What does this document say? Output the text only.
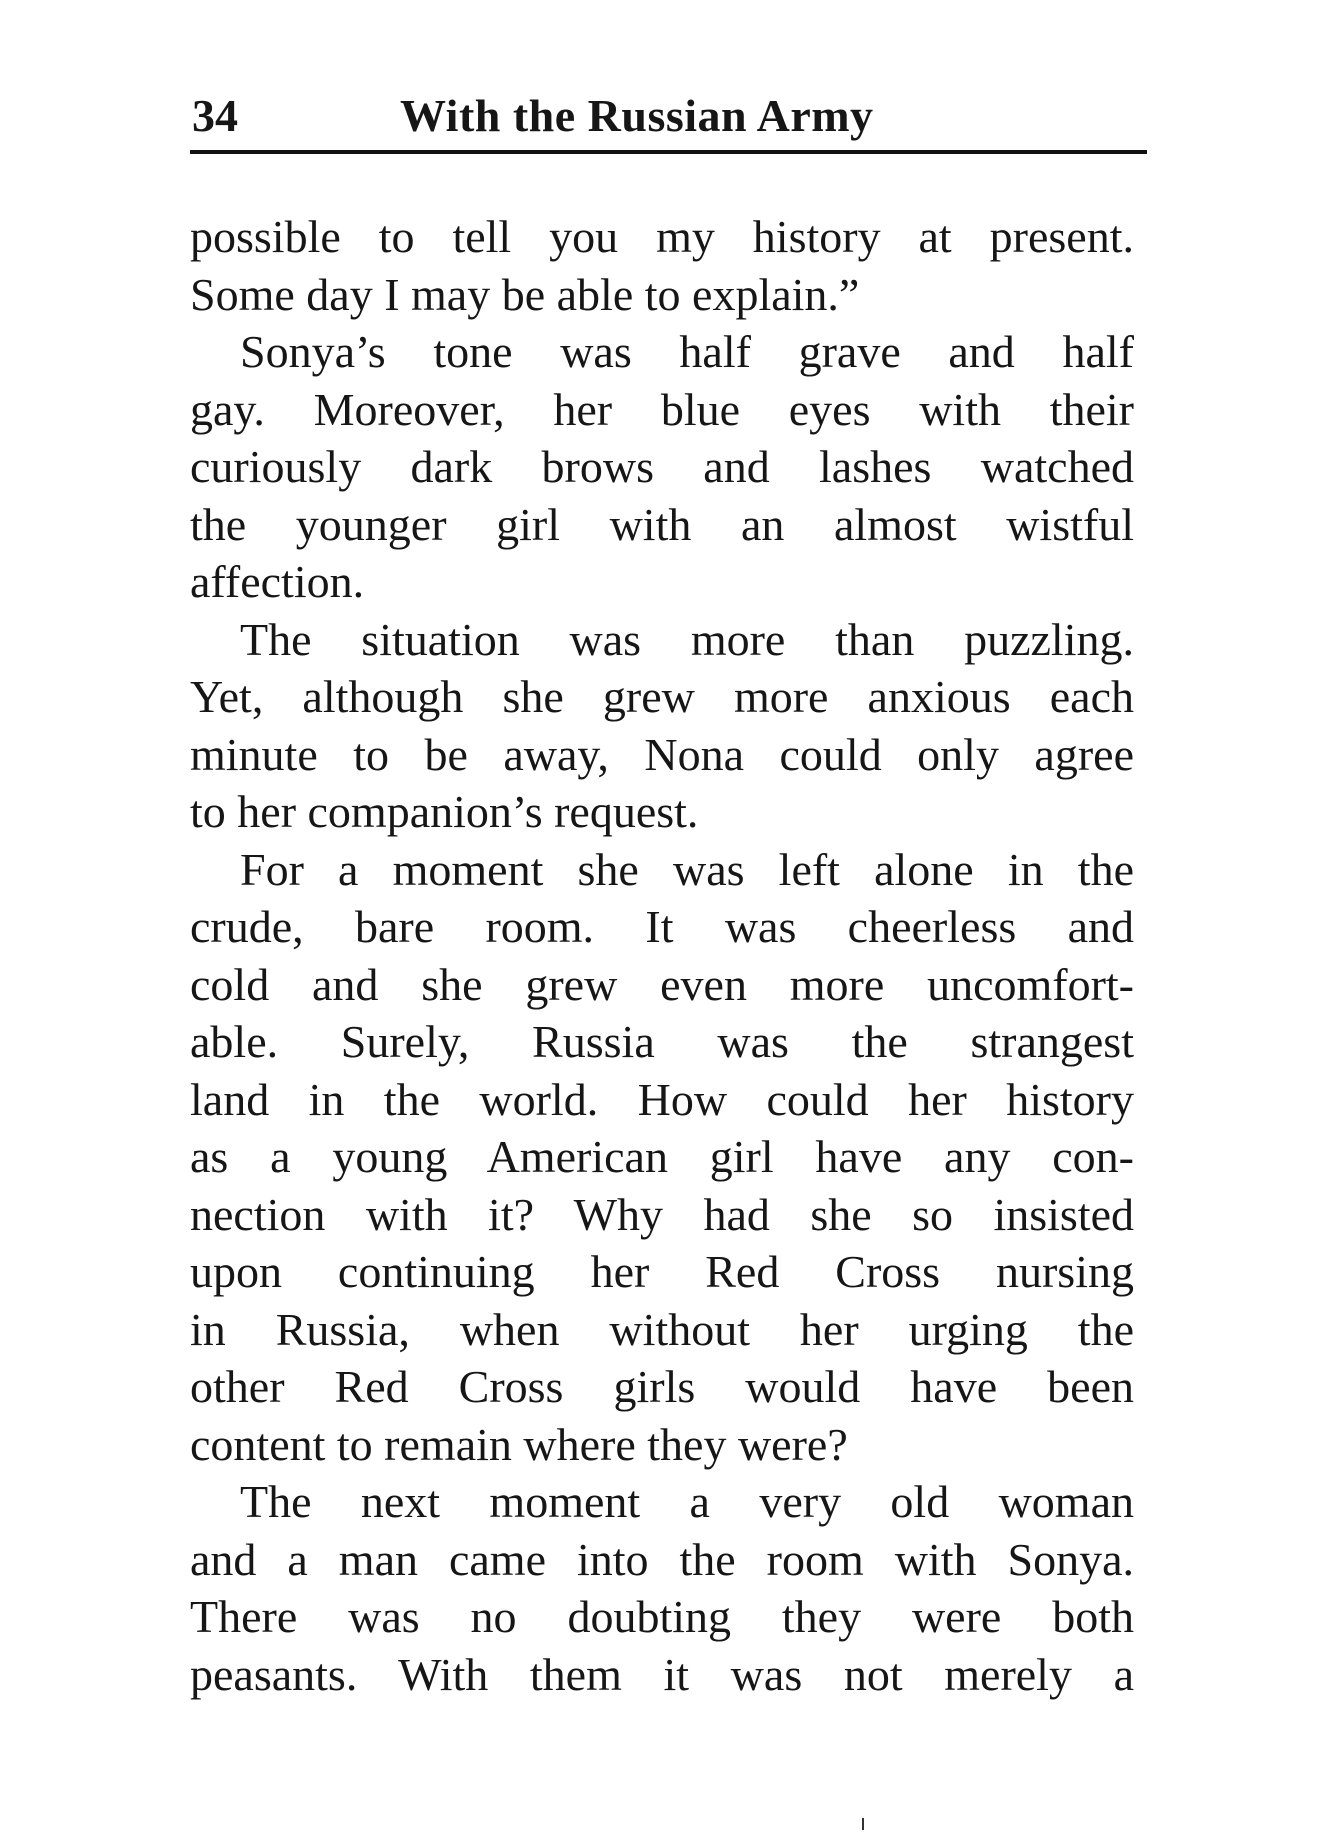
34	With the Russian Army
possible to tell you my history at present.
Some day I may be able to explain.”
Sonya’s tone was half grave and half
gay. Moreover, her blue eyes with their
curiously dark brows and lashes watched
the younger girl with an almost wistful
affection.
The situation was more than puzzling.
Yet, although she grew more anxious each
minute to be away, Nona could only agree
to her companion’s request.
For a moment she was left alone in the
crude, bare room. It was cheerless and
cold and she grew even more uncomfort-
able. Surely, Russia was the strangest
land in the world. How could her history
as a young American girl have any con-
nection with it? Why had she so insisted
upon continuing her Red Cross nursing
in Russia, when without her urging the
other Red Cross girls would have been
content to remain where they were?
The next moment a very old woman
and a man came into the room with Sonya.
There was no doubting they were both
peasants. With them it was not merely a
